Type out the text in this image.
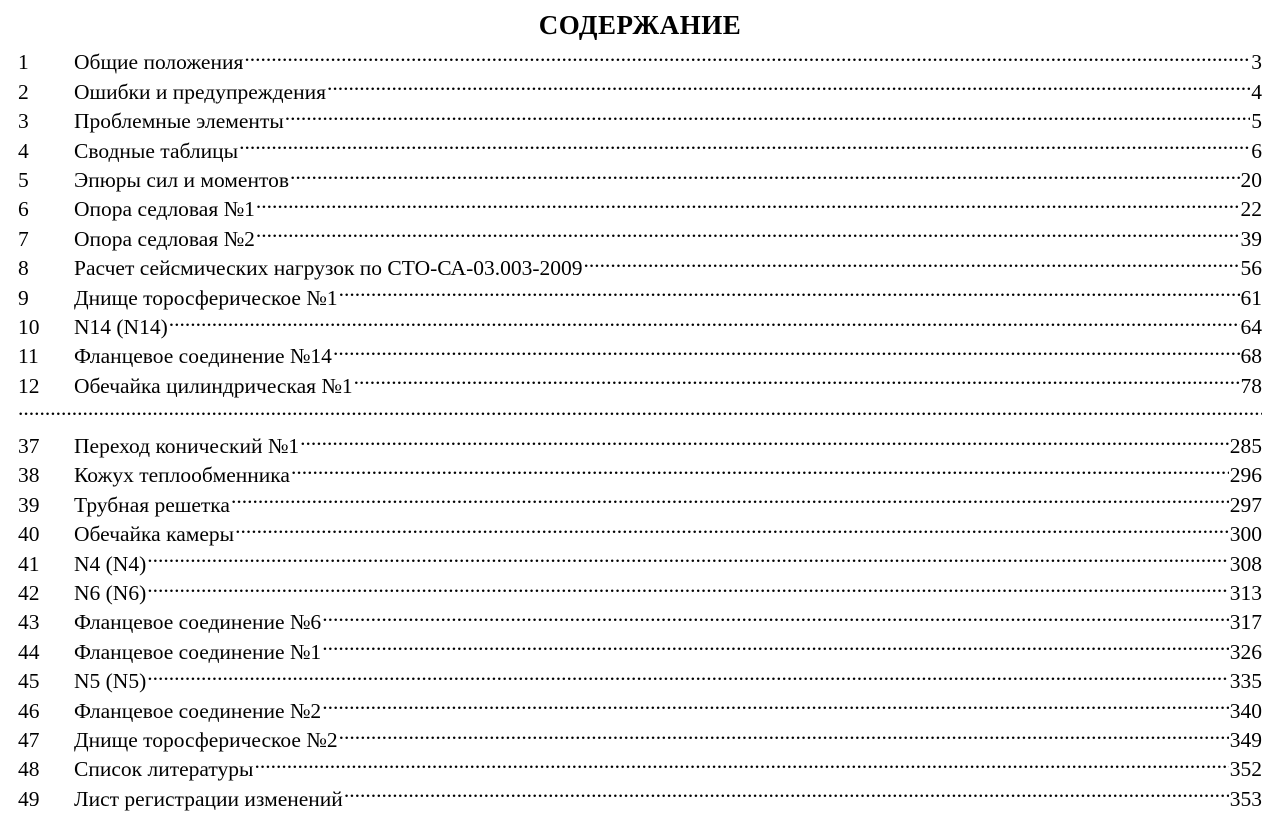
СОДЕРЖАНИЕ
1	Общие положения .....	3
2	Ошибки и предупреждения .....	4
3	Проблемные элементы .....	5
4	Сводные таблицы .....	6
5	Эпюры сил и моментов .....	20
6	Опора седловая №1 .....	22
7	Опора седловая №2 .....	39
8	Расчет сейсмических нагрузок по СТО-СА-03.003-2009 .....	56
9	Днище торосферическое №1 .....	61
10	N14 (N14) .....	64
11	Фланцевое соединение №14 .....	68
12	Обечайка цилиндрическая №1 .....	78
.....
37	Переход конический №1 .....	285
38	Кожух теплообменника .....	296
39	Трубная решетка .....	297
40	Обечайка камеры .....	300
41	N4 (N4) .....	308
42	N6 (N6) .....	313
43	Фланцевое соединение №6 .....	317
44	Фланцевое соединение №1 .....	326
45	N5 (N5) .....	335
46	Фланцевое соединение №2 .....	340
47	Днище торосферическое №2 .....	349
48	Список литературы .....	352
49	Лист регистрации изменений .....	353
